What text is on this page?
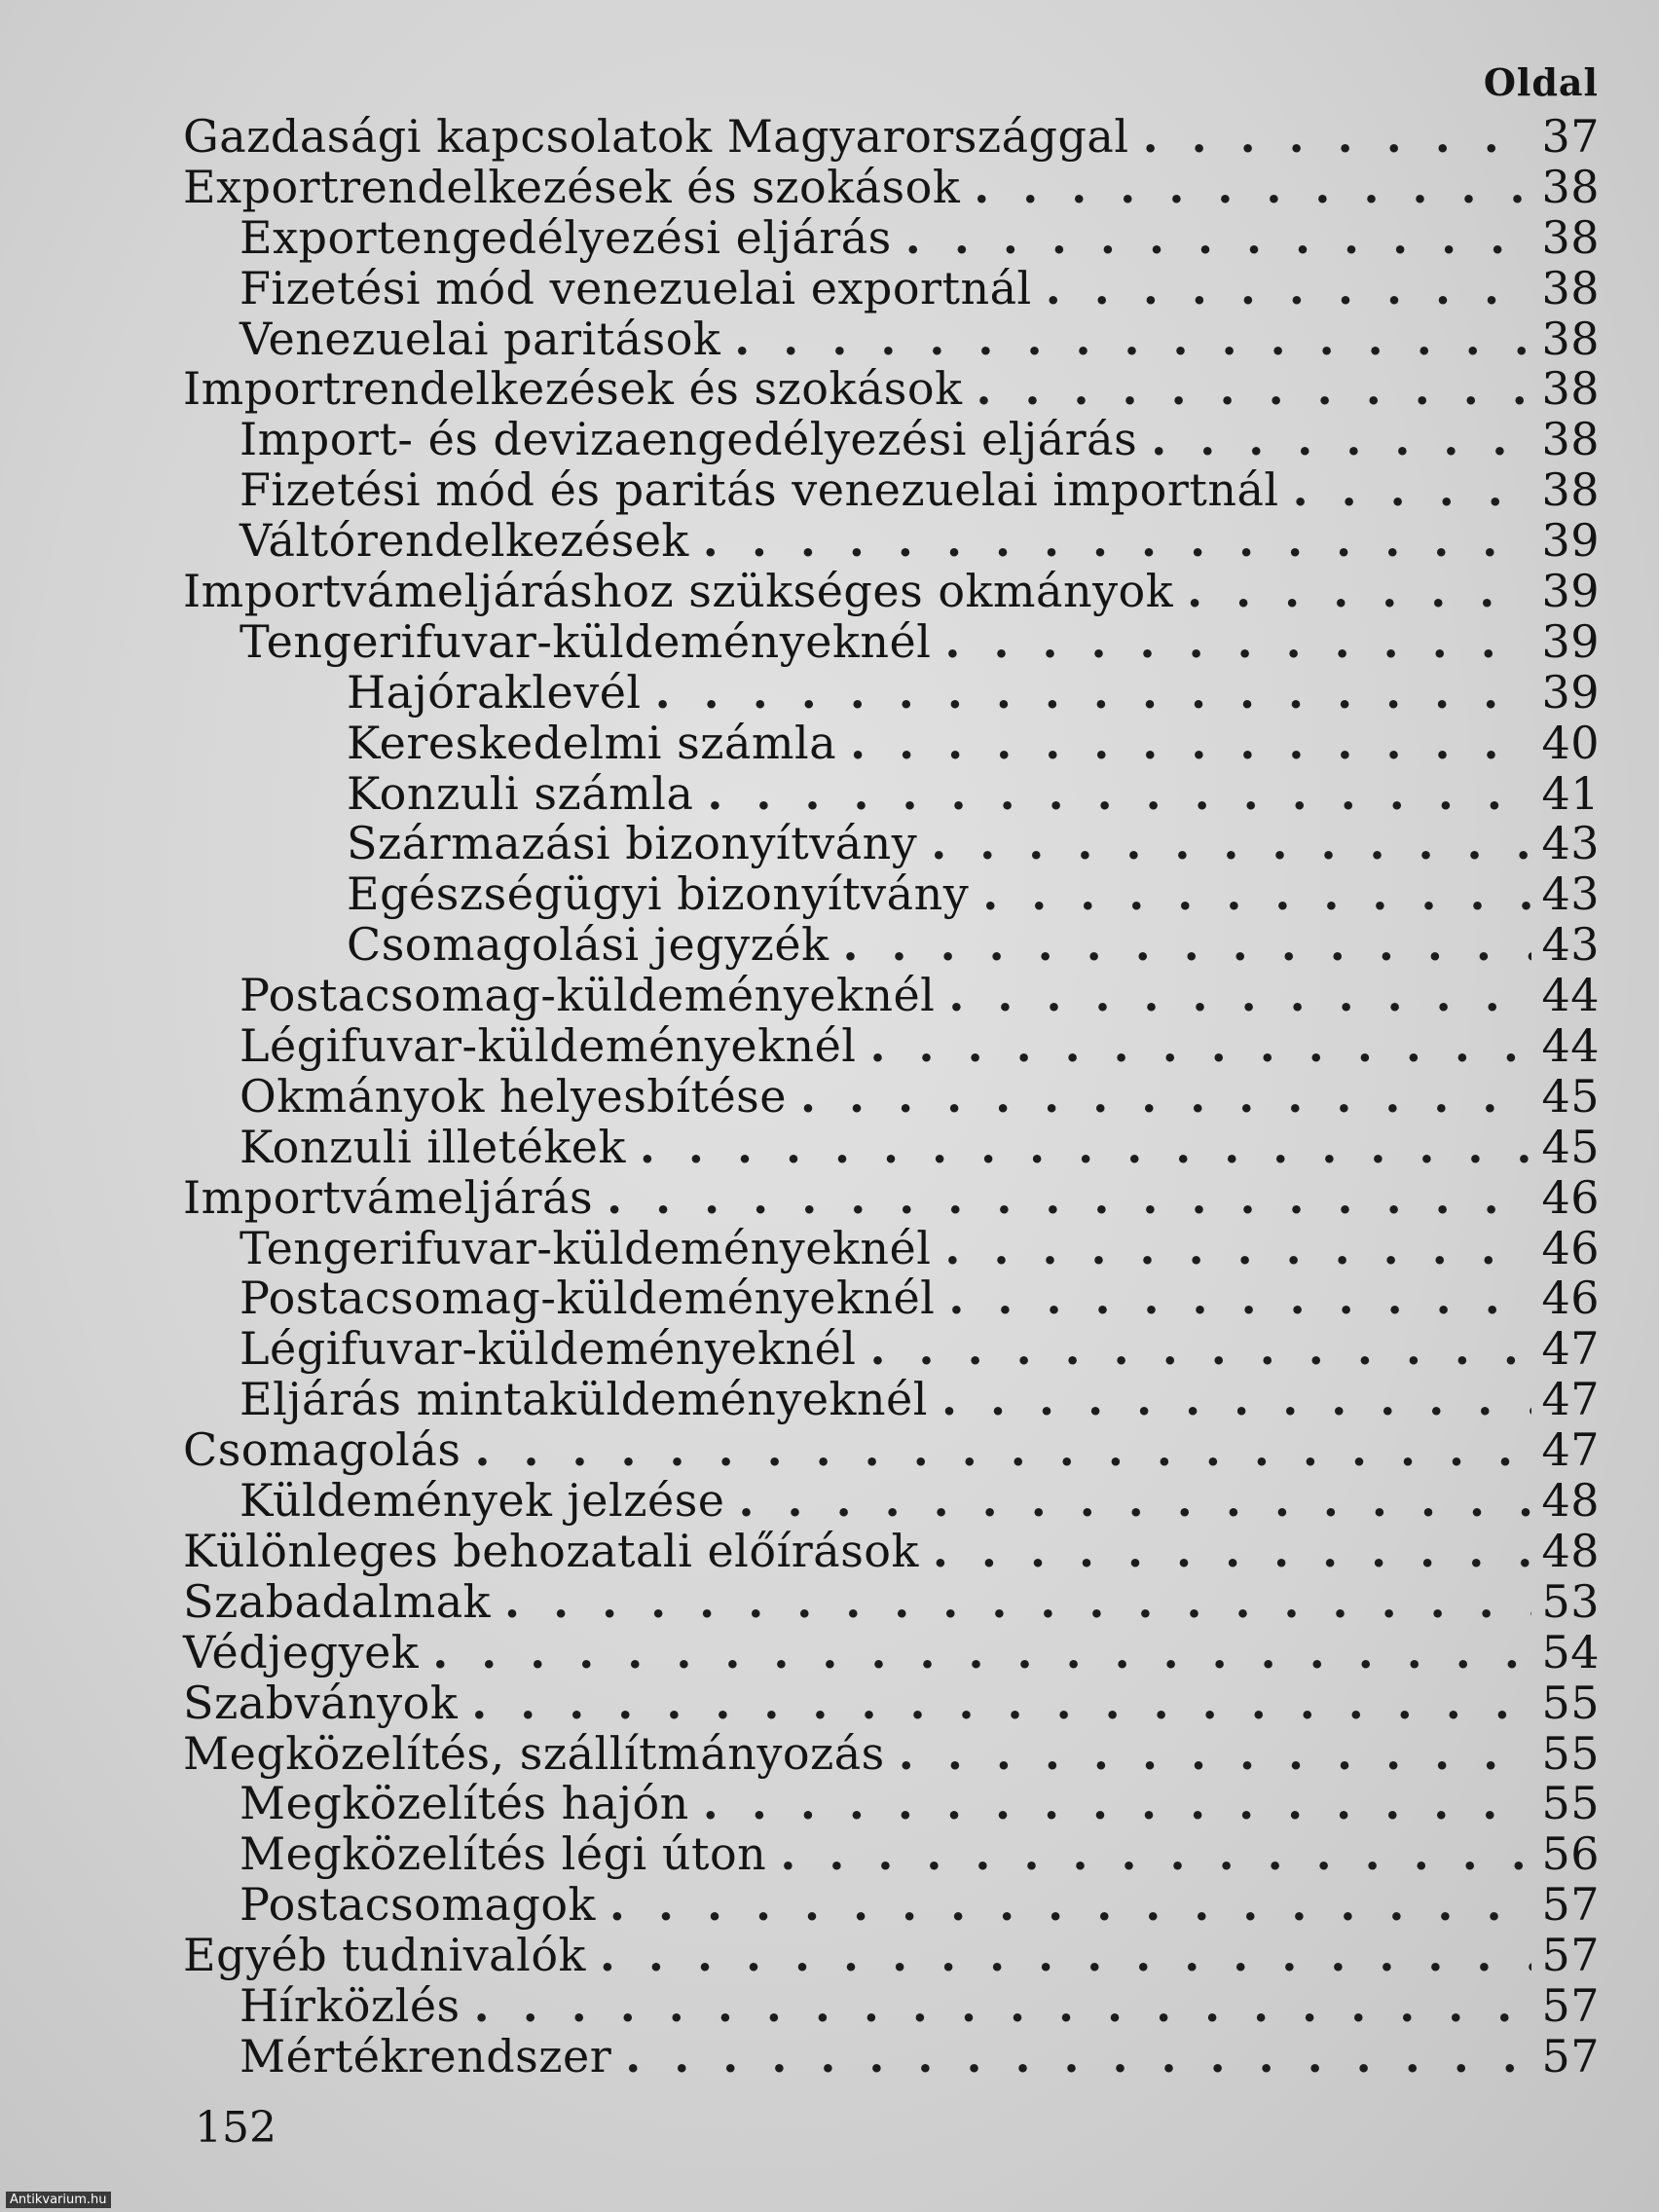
Oldal
Gazdasági kapcsolatok Magyarországgal . . .	37
Exportrendelkezések és szokások . . .	38
Exportengedélyezési eljárás . . .	38
Fizetési mód venezuelai exportnál . . .	38
Venezuelai paritások . . .	38
Importrendelkezések és szokások . . .	38
Import- és devizaengedélyezési eljárás . . .	38
Fizetési mód és paritás venezuelai importnál . . .	38
Váltórendelkezések . . .	39
Importvámeljáráshoz szükséges okmányok . . .	39
Tengerifuvar-küldeményeknél . . .	39
Hajóraklevél . . .	39
Kereskedelmi számla . . .	40
Konzuli számla . . .	41
Származási bizonyítvány . . .	43
Egészségügyi bizonyítvány . . .	43
Csomagolási jegyzék . . .	43
Postacsomag-küldeményeknél . . .	44
Légifuvar-küldeményeknél . . .	44
Okmányok helyesbítése . . .	45
Konzuli illetékek . . .	45
Importvámeljárás . . .	46
Tengerifuvar-küldeményeknél . . .	46
Postacsomag-küldeményeknél . . .	46
Légifuvar-küldeményeknél . . .	47
Eljárás mintaküldeményeknél . . .	47
Csomagolás . . .	47
Küldemények jelzése . . .	48
Különleges behozatali előírások . . .	48
Szabadalmak . . .	53
Védjegyek . . .	54
Szabványok . . .	55
Megközelítés, szállítmányozás . . .	55
Megközelítés hajón . . .	55
Megközelítés légi úton . . .	56
Postacsomagok . . .	57
Egyéb tudnivalók . . .	57
Hírközlés . . .	57
Mértékrendszer . . .	57
152
Antikvarium.hu
